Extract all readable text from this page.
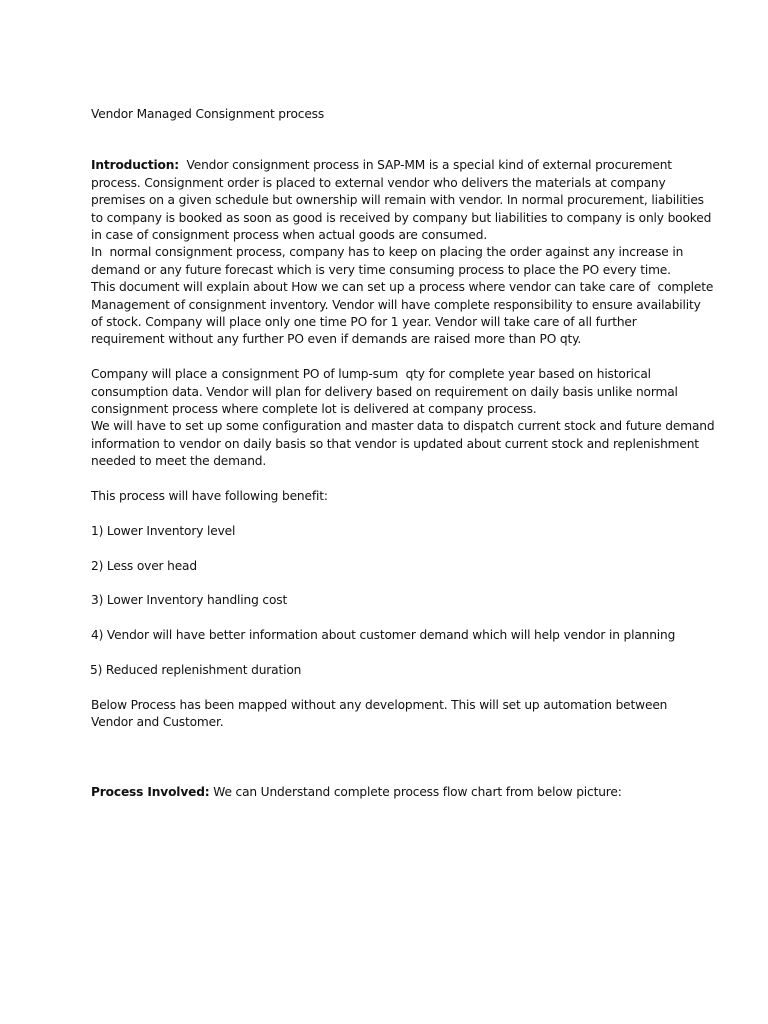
Vendor Managed Consignment process

Introduction:  Vendor consignment process in SAP-MM is a special kind of external procurement

process. Consignment order is placed to external vendor who delivers the materials at company

premises on a given schedule but ownership will remain with vendor. In normal procurement, liabilities

to company is booked as soon as good is received by company but liabilities to company is only booked

in case of consignment process when actual goods are consumed.

In  normal consignment process, company has to keep on placing the order against any increase in

demand or any future forecast which is very time consuming process to place the PO every time.

This document will explain about How we can set up a process where vendor can take care of  complete

Management of consignment inventory. Vendor will have complete responsibility to ensure availability

of stock. Company will place only one time PO for 1 year. Vendor will take care of all further

requirement without any further PO even if demands are raised more than PO qty.

Company will place a consignment PO of lump-sum  qty for complete year based on historical

consumption data. Vendor will plan for delivery based on requirement on daily basis unlike normal

consignment process where complete lot is delivered at company process.

We will have to set up some configuration and master data to dispatch current stock and future demand

information to vendor on daily basis so that vendor is updated about current stock and replenishment

needed to meet the demand.

This process will have following benefit:

1) Lower Inventory level

2) Less over head

3) Lower Inventory handling cost

4) Vendor will have better information about customer demand which will help vendor in planning

5) Reduced replenishment duration

Below Process has been mapped without any development. This will set up automation between

Vendor and Customer.

Process Involved: We can Understand complete process flow chart from below picture:
